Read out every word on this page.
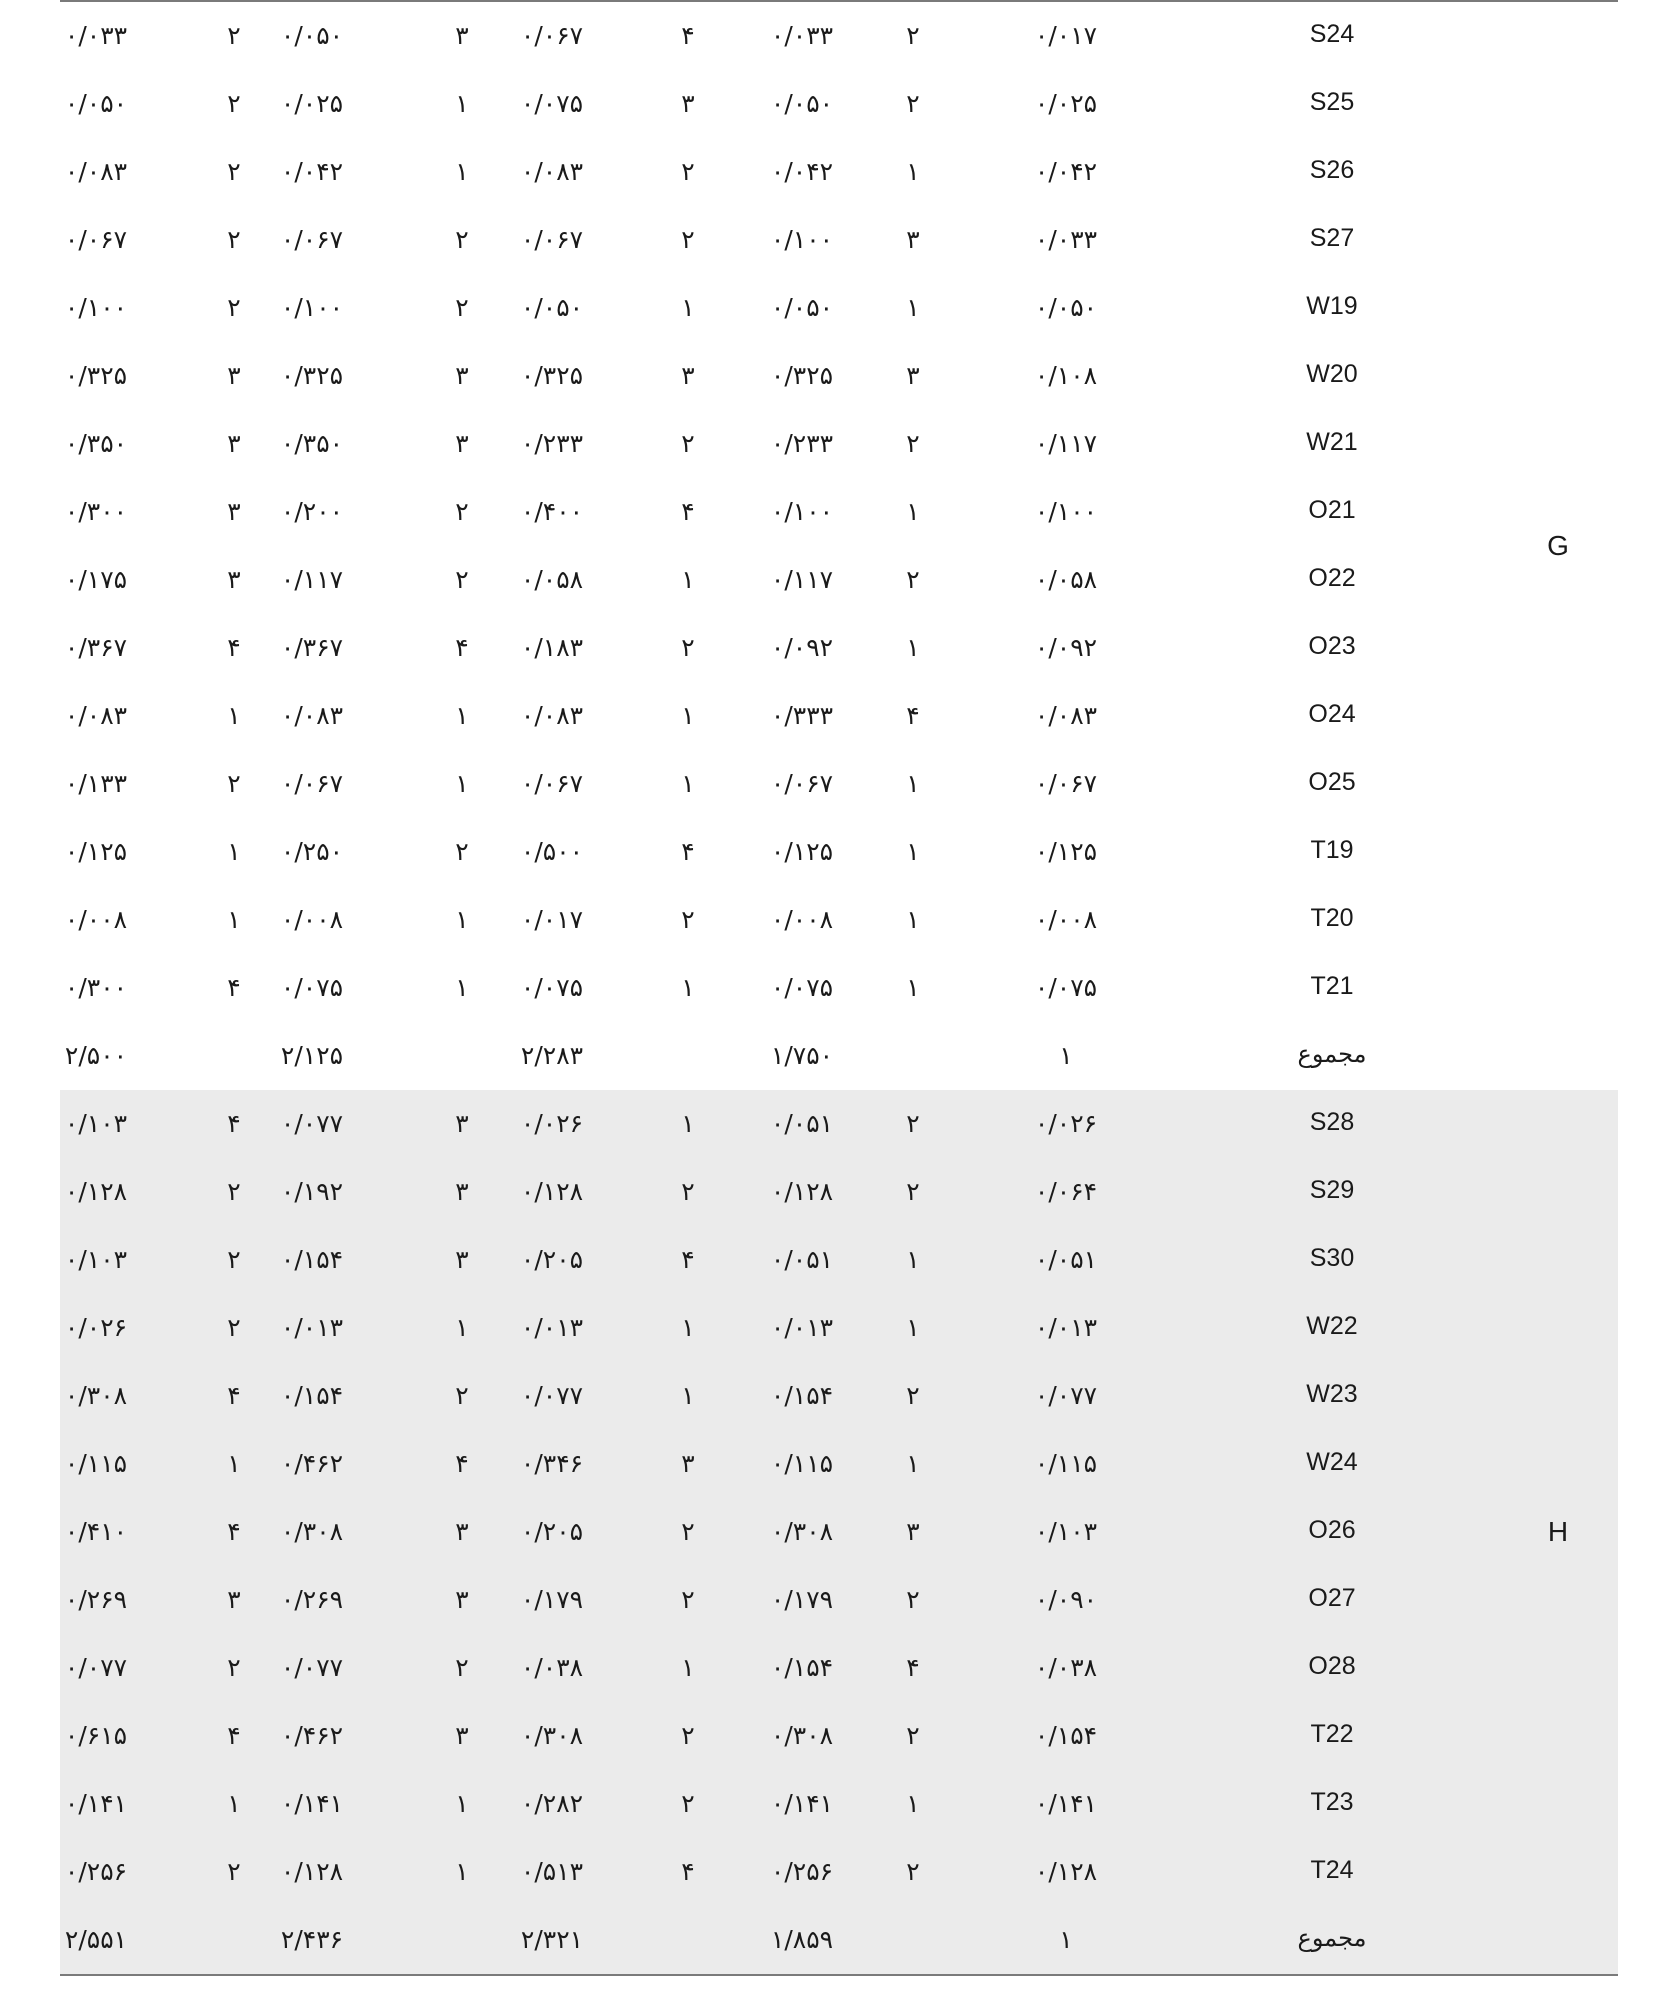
۰/۰۳۳	۲ ۰/۰۵۰	۳ ۰/۰۶۷	۴	۰/۰۳۳	۲	۰/۰۱۷	S24
۰/۰۵۰	۲ ۰/۰۲۵	۱ ۰/۰۷۵	۳	۰/۰۵۰	۲	۰/۰۲۵	S25
۰/۰۸۳	۲ ۰/۰۴۲	۱ ۰/۰۸۳	۲	۰/۰۴۲	۱	۰/۰۴۲	S26
۰/۰۶۷	۲ ۰/۰۶۷	۲ ۰/۰۶۷	۲	۰/۱۰۰	۳	۰/۰۳۳	S27
۰/۱۰۰	۲ ۰/۱۰۰	۲ ۰/۰۵۰	۱	۰/۰۵۰	۱	۰/۰۵۰	W19
۰/۳۲۵	۳ ۰/۳۲۵	۳ ۰/۳۲۵	۳	۰/۳۲۵	۳	۰/۱۰۸	W20
۰/۳۵۰	۳ ۰/۳۵۰	۳ ۰/۲۳۳	۲	۰/۲۳۳	۲	۰/۱۱۷	W21
۰/۳۰۰	۳ ۰/۲۰۰	۲ ۰/۴۰۰	۴	۰/۱۰۰	۱	۰/۱۰۰	O21
۰/۱۷۵	۳ ۰/۱۱۷	۲ ۰/۰۵۸	۱	۰/۱۱۷	۲	۰/۰۵۸	O22
۰/۳۶۷	۴ ۰/۳۶۷	۴ ۰/۱۸۳	۲	۰/۰۹۲	۱	۰/۰۹۲	O23
۰/۰۸۳	۱ ۰/۰۸۳	۱ ۰/۰۸۳	۱	۰/۳۳۳	۴	۰/۰۸۳	O24
۰/۱۳۳	۲ ۰/۰۶۷	۱ ۰/۰۶۷	۱	۰/۰۶۷	۱	۰/۰۶۷	O25
۰/۱۲۵	۱ ۰/۲۵۰	۲ ۰/۵۰۰	۴	۰/۱۲۵	۱	۰/۱۲۵	T19
۰/۰۰۸	۱ ۰/۰۰۸	۱ ۰/۰۱۷	۲	۰/۰۰۸	۱	۰/۰۰۸	T20
۰/۳۰۰	۴ ۰/۰۷۵	۱ ۰/۰۷۵	۱	۰/۰۷۵	۱	۰/۰۷۵	T21
۲/۵۰۰	۲/۱۲۵	۲/۲۸۳	۱/۷۵۰	۱	مجموع
G
۰/۱۰۳	۴ ۰/۰۷۷	۳ ۰/۰۲۶	۱	۰/۰۵۱	۲	۰/۰۲۶	S28
۰/۱۲۸	۲ ۰/۱۹۲	۳ ۰/۱۲۸	۲	۰/۱۲۸	۲	۰/۰۶۴	S29
۰/۱۰۳	۲ ۰/۱۵۴	۳ ۰/۲۰۵	۴	۰/۰۵۱	۱	۰/۰۵۱	S30
۰/۰۲۶	۲ ۰/۰۱۳	۱ ۰/۰۱۳	۱	۰/۰۱۳	۱	۰/۰۱۳	W22
۰/۳۰۸	۴ ۰/۱۵۴	۲ ۰/۰۷۷	۱	۰/۱۵۴	۲	۰/۰۷۷	W23
۰/۱۱۵	۱ ۰/۴۶۲	۴ ۰/۳۴۶	۳	۰/۱۱۵	۱	۰/۱۱۵	W24
۰/۴۱۰	۴ ۰/۳۰۸	۳ ۰/۲۰۵	۲	۰/۳۰۸	۳	۰/۱۰۳	O26
۰/۲۶۹	۳ ۰/۲۶۹	۳ ۰/۱۷۹	۲	۰/۱۷۹	۲	۰/۰۹۰	O27
۰/۰۷۷	۲ ۰/۰۷۷	۲ ۰/۰۳۸	۱	۰/۱۵۴	۴	۰/۰۳۸	O28
۰/۶۱۵	۴ ۰/۴۶۲	۳ ۰/۳۰۸	۲	۰/۳۰۸	۲	۰/۱۵۴	T22
۰/۱۴۱	۱ ۰/۱۴۱	۱ ۰/۲۸۲	۲	۰/۱۴۱	۱	۰/۱۴۱	T23
۰/۲۵۶	۲ ۰/۱۲۸	۱ ۰/۵۱۳	۴	۰/۲۵۶	۲	۰/۱۲۸	T24
۲/۵۵۱	۲/۴۳۶	۲/۳۲۱	۱/۸۵۹	۱	مجموع
H
